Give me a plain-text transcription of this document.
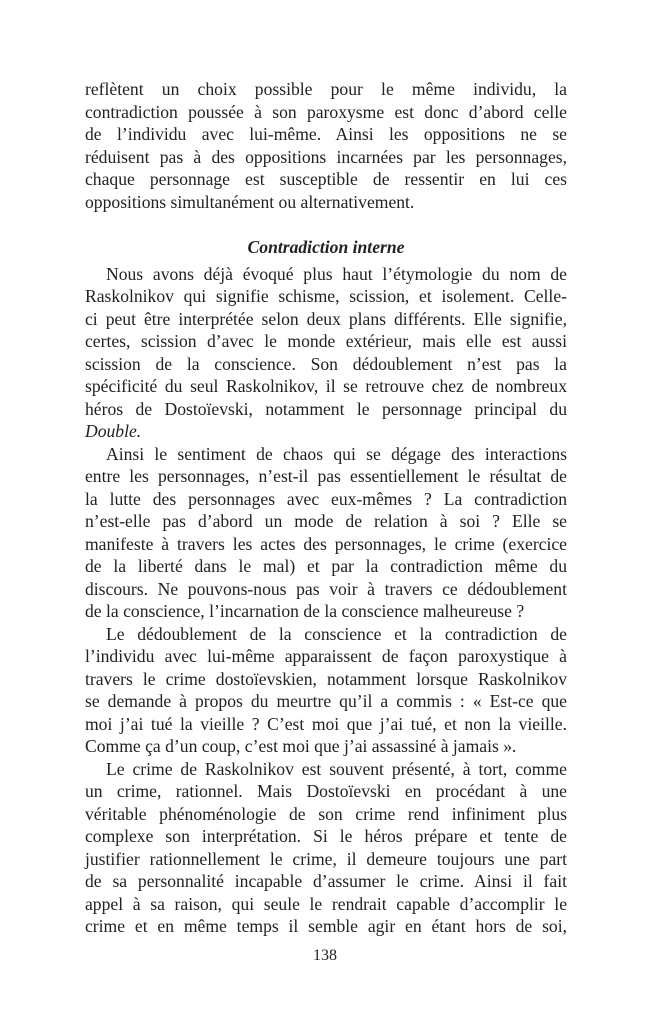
reflètent un choix possible pour le même individu, la
contradiction poussée à son paroxysme est donc d’abord celle
de l’individu avec lui-même. Ainsi les oppositions ne se
réduisent pas à des oppositions incarnées par les personnages,
chaque personnage est susceptible de ressentir en lui ces
oppositions simultanément ou alternativement.
Contradiction interne
Nous avons déjà évoqué plus haut l’étymologie du nom de
Raskolnikov qui signifie schisme, scission, et isolement. Celle-
ci peut être interprétée selon deux plans différents. Elle signifie,
certes, scission d’avec le monde extérieur, mais elle est aussi
scission de la conscience. Son dédoublement n’est pas la
spécificité du seul Raskolnikov, il se retrouve chez de nombreux
héros de Dostoïevski, notamment le personnage principal du
Double.
Ainsi le sentiment de chaos qui se dégage des interactions
entre les personnages, n’est-il pas essentiellement le résultat de
la lutte des personnages avec eux-mêmes ? La contradiction
n’est-elle pas d’abord un mode de relation à soi ? Elle se
manifeste à travers les actes des personnages, le crime (exercice
de la liberté dans le mal) et par la contradiction même du
discours. Ne pouvons-nous pas voir à travers ce dédoublement
de la conscience, l’incarnation de la conscience malheureuse ?
Le dédoublement de la conscience et la contradiction de
l’individu avec lui-même apparaissent de façon paroxystique à
travers le crime dostoïevskien, notamment lorsque Raskolnikov
se demande à propos du meurtre qu’il a commis : « Est-ce que
moi j’ai tué la vieille ? C’est moi que j’ai tué, et non la vieille.
Comme ça d’un coup, c’est moi que j’ai assassiné à jamais ».
Le crime de Raskolnikov est souvent présenté, à tort, comme
un crime, rationnel. Mais Dostoïevski en procédant à une
véritable phénoménologie de son crime rend infiniment plus
complexe son interprétation. Si le héros prépare et tente de
justifier rationnellement le crime, il demeure toujours une part
de sa personnalité incapable d’assumer le crime. Ainsi il fait
appel à sa raison, qui seule le rendrait capable d’accomplir le
crime et en même temps il semble agir en étant hors de soi,
138
